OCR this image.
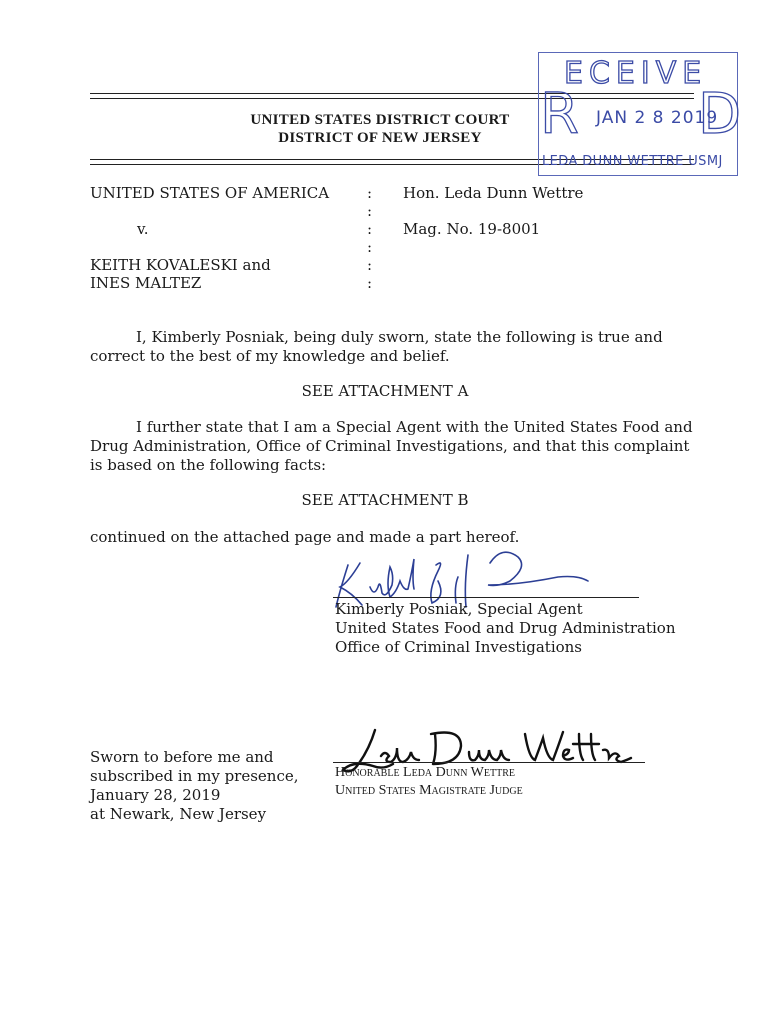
UNITED STATES DISTRICT COURT
DISTRICT OF NEW JERSEY
ECEIVE
R D
JAN 2 8 2019
LEDA DUNN WETTRE USMJ
UNITED STATES OF AMERICA
v.
KEITH KOVALESKI and
INES MALTEZ
:
:
:
:
:
:
Hon. Leda Dunn Wettre
Mag. No. 19-8001
I, Kimberly Posniak, being duly sworn, state the following is true and
correct to the best of my knowledge and belief.
SEE ATTACHMENT A
I further state that I am a Special Agent with the United States Food and
Drug Administration, Office of Criminal Investigations, and that this complaint
is based on the following facts:
SEE ATTACHMENT B
continued on the attached page and made a part hereof.
Kimberly Posniak, Special Agent
United States Food and Drug Administration
Office of Criminal Investigations
Sworn to before me and
subscribed in my presence,
January 28, 2019
at Newark, New Jersey
Honorable Leda Dunn Wettre
United States Magistrate Judge
